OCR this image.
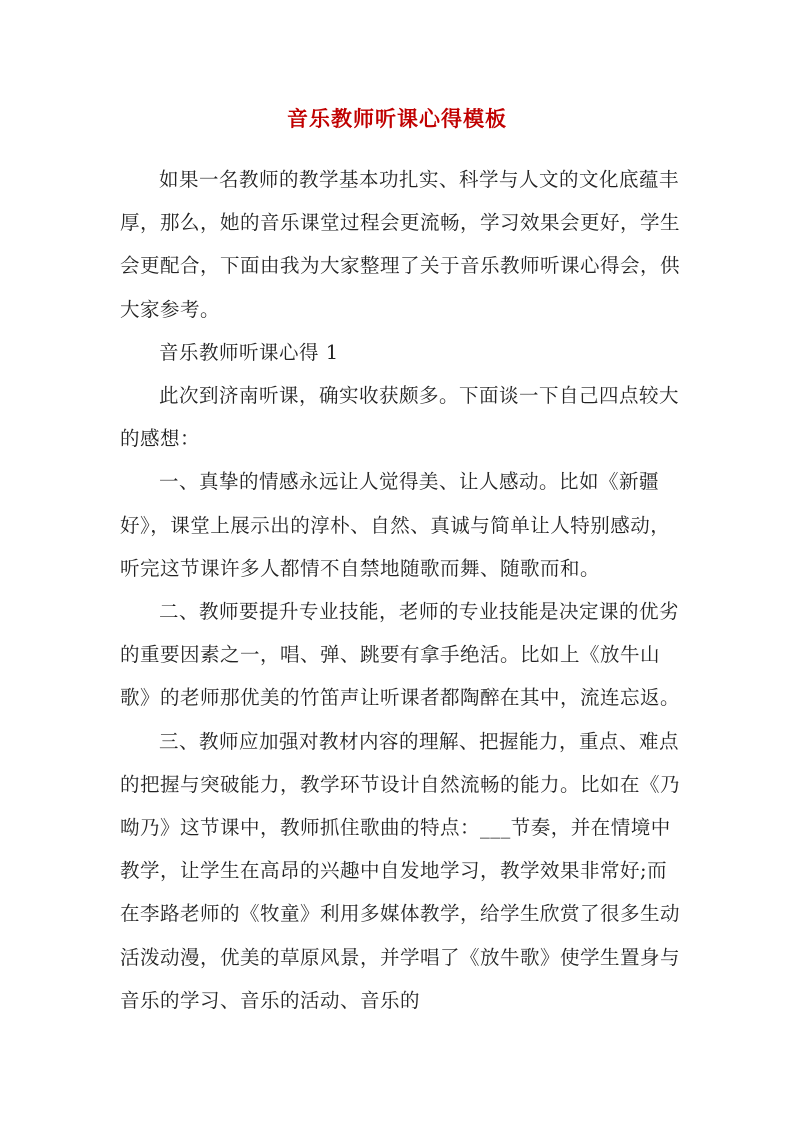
音乐教师听课心得模板

如果一名教师的教学基本功扎实、科学与人文的文化底蕴丰厚，那么，她的音乐课堂过程会更流畅，学习效果会更好，学生会更配合，下面由我为大家整理了关于音乐教师听课心得会，供大家参考。

音乐教师听课心得 1

此次到济南听课，确实收获颇多。下面谈一下自己四点较大的感想：

一、真挚的情感永远让人觉得美、让人感动。比如《新疆好》，课堂上展示出的淳朴、自然、真诚与简单让人特别感动，听完这节课许多人都情不自禁地随歌而舞、随歌而和。

二、教师要提升专业技能，老师的专业技能是决定课的优劣的重要因素之一，唱、弹、跳要有拿手绝活。比如上《放牛山歌》的老师那优美的竹笛声让听课者都陶醉在其中，流连忘返。

三、教师应加强对教材内容的理解、把握能力，重点、难点的把握与突破能力，教学环节设计自然流畅的能力。比如在《乃呦乃》这节课中，教师抓住歌曲的特点：___节奏，并在情境中教学，让学生在高昂的兴趣中自发地学习，教学效果非常好;而在李路老师的《牧童》利用多媒体教学，给学生欣赏了很多生动活泼动漫，优美的草原风景，并学唱了《放牛歌》使学生置身与音乐的学习、音乐的活动、音乐的
